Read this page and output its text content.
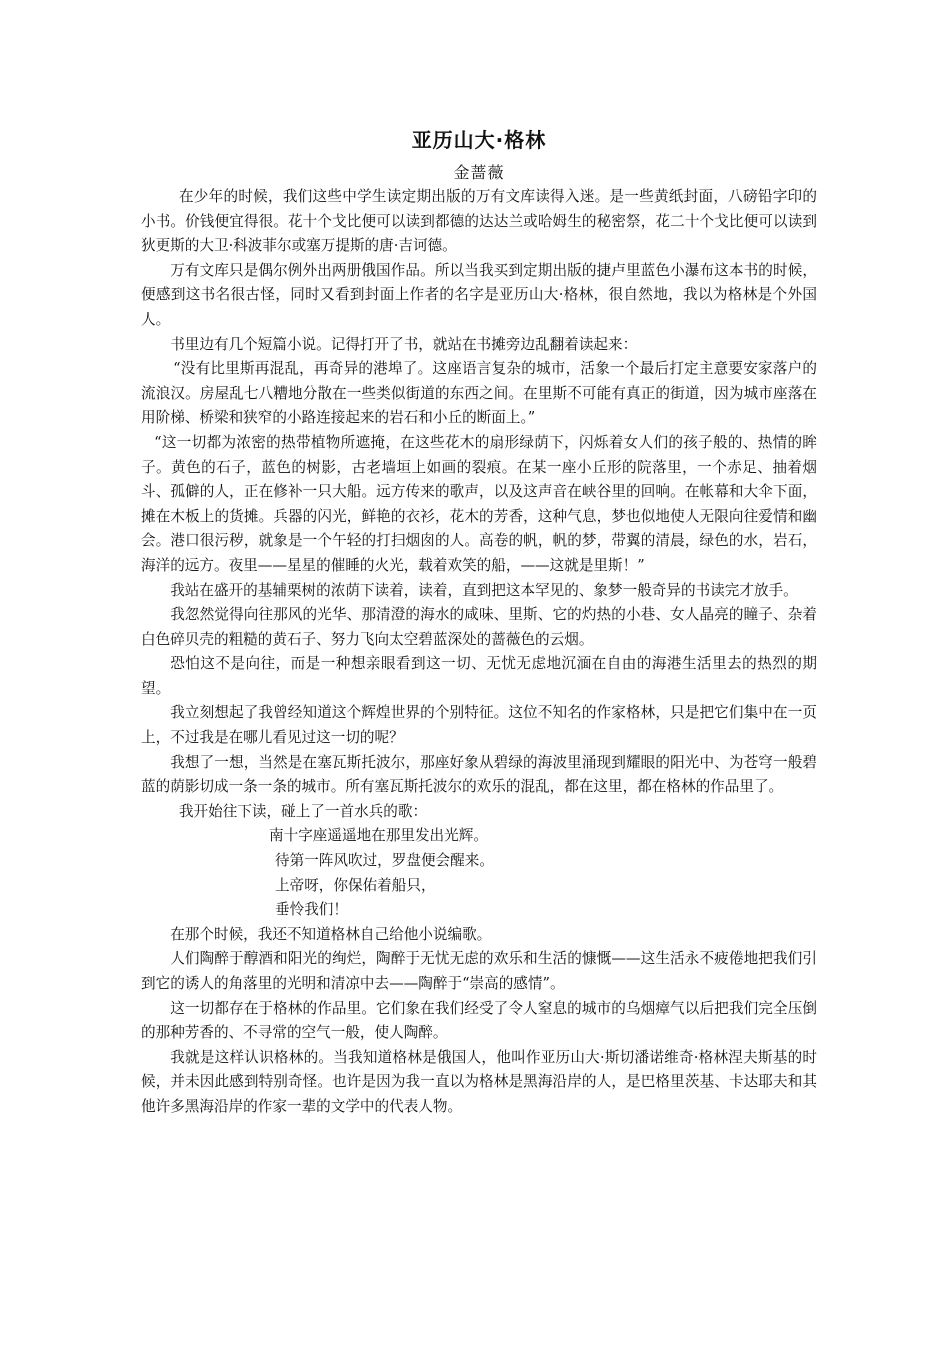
亚历山大·格林
金蔷薇

在少年的时候，我们这些中学生读定期出版的万有文库读得入迷。是一些黄纸封面，八磅铅字印的小书。价钱便宜得很。花十个戈比便可以读到都德的达达兰或哈姆生的秘密祭，花二十个戈比便可以读到狄更斯的大卫·科波菲尔或塞万提斯的唐·吉诃德。

万有文库只是偶尔例外出两册俄国作品。所以当我买到定期出版的捷卢里蓝色小瀑布这本书的时候，便感到这书名很古怪，同时又看到封面上作者的名字是亚历山大·格林，很自然地，我以为格林是个外国人。

书里边有几个短篇小说。记得打开了书，就站在书摊旁边乱翻着读起来：

“没有比里斯再混乱，再奇异的港埠了。这座语言复杂的城市，活象一个最后打定主意要安家落户的流浪汉。房屋乱七八糟地分散在一些类似街道的东西之间。在里斯不可能有真正的街道，因为城市座落在用阶梯、桥梁和狭窄的小路连接起来的岩石和小丘的断面上。”

“这一切都为浓密的热带植物所遮掩，在这些花木的扇形绿荫下，闪烁着女人们的孩子般的、热情的眸子。黄色的石子，蓝色的树影，古老墙垣上如画的裂痕。在某一座小丘形的院落里，一个赤足、抽着烟斗、孤僻的人，正在修补一只大船。远方传来的歌声，以及这声音在峡谷里的回响。在帐幕和大伞下面，摊在木板上的货摊。兵器的闪光，鲜艳的衣衫，花木的芳香，这种气息，梦也似地使人无限向往爱情和幽会。港口很污秽，就象是一个午轻的打扫烟囱的人。高卷的帆，帆的梦，带翼的清晨，绿色的水，岩石，海洋的远方。夜里——星星的催睡的火光，载着欢笑的船，——这就是里斯！”

我站在盛开的基辅栗树的浓荫下读着，读着，直到把这本罕见的、象梦一般奇异的书读完才放手。

我忽然觉得向往那风的光华、那清澄的海水的咸味、里斯、它的灼热的小巷、女人晶亮的瞳子、杂着白色碎贝壳的粗糙的黄石子、努力飞向太空碧蓝深处的蔷薇色的云烟。

恐怕这不是向往，而是一种想亲眼看到这一切、无忧无虑地沉湎在自由的海港生活里去的热烈的期望。

我立刻想起了我曾经知道这个辉煌世界的个别特征。这位不知名的作家格林，只是把它们集中在一页上，不过我是在哪儿看见过这一切的呢？

我想了一想，当然是在塞瓦斯托波尔，那座好象从碧绿的海波里涌现到耀眼的阳光中、为苍穹一般碧蓝的荫影切成一条一条的城市。所有塞瓦斯托波尔的欢乐的混乱，都在这里，都在格林的作品里了。

我开始往下读，碰上了一首水兵的歌：

南十字座遥遥地在那里发出光辉。

待第一阵风吹过，罗盘便会醒来。

上帝呀，你保佑着船只，

垂怜我们！

在那个时候，我还不知道格林自己给他小说编歌。

人们陶醉于醇酒和阳光的绚烂，陶醉于无忧无虑的欢乐和生活的慷慨——这生活永不疲倦地把我们引到它的诱人的角落里的光明和清凉中去——陶醉于“崇高的感情”。

这一切都存在于格林的作品里。它们象在我们经受了令人窒息的城市的乌烟瘴气以后把我们完全压倒的那种芳香的、不寻常的空气一般，使人陶醉。

我就是这样认识格林的。当我知道格林是俄国人，他叫作亚历山大·斯切潘诺维奇·格林涅夫斯基的时候，并未因此感到特别奇怪。也许是因为我一直以为格林是黑海沿岸的人，是巴格里茨基、卡达耶夫和其他许多黑海沿岸的作家一辈的文学中的代表人物。
